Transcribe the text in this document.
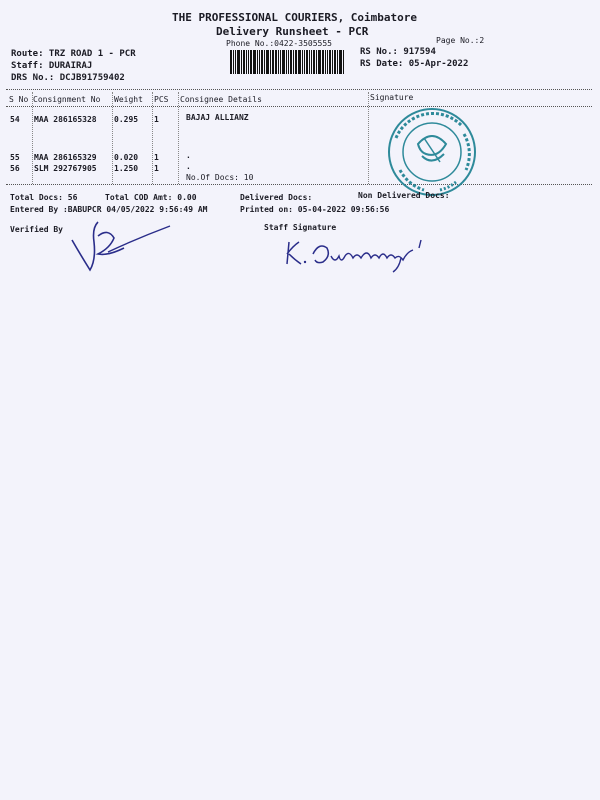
THE PROFESSIONAL COURIERS, Coimbatore
Delivery Runsheet - PCR
Phone No.:0422-3505555	Page No.:2
Route: TRZ ROAD 1 - PCR
Staff: DURAIRAJ
DRS No.: DCJB91759402
RS No.: 917594
RS Date: 05-Apr-2022
S No Consignment No Weight PCS Consignee Details	Signature
54 MAA 286165328 0.295 1	BAJAJ ALLIANZ
55 MAA 286165329 0.020 1	.
56 SLM 292767905 1.250 1	.
No.Of Docs: 10
Total Docs: 56	Total COD Amt: 0.00	Delivered Docs:	Non Delivered Docs:
Entered By :BABUPCR 04/05/2022 9:56:49 AM	Printed on: 05-04-2022 09:56:56
Verified By	Staff Signature
